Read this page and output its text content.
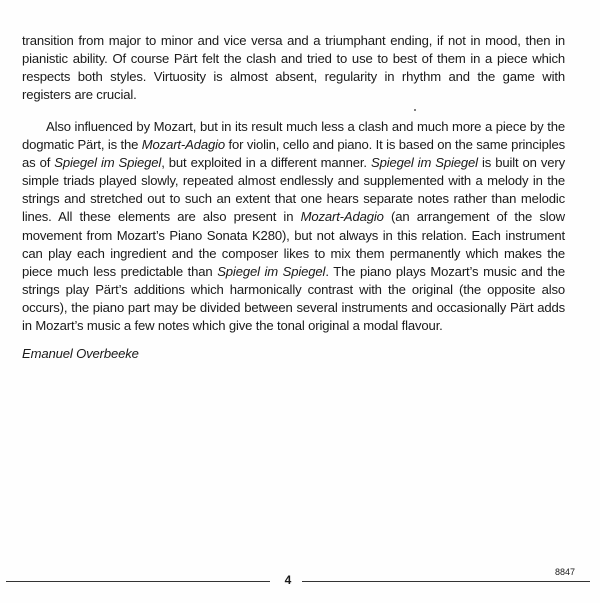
transition from major to minor and vice versa and a triumphant ending, if not in mood, then in pianistic ability. Of course Pärt felt the clash and tried to use to best of them in a piece which respects both styles. Virtuosity is almost absent, regularity in rhythm and the game with registers are crucial.

Also influenced by Mozart, but in its result much less a clash and much more a piece by the dogmatic Pärt, is the Mozart-Adagio for violin, cello and piano. It is based on the same principles as of Spiegel im Spiegel, but exploited in a different manner. Spiegel im Spiegel is built on very simple triads played slowly, repeated almost endlessly and supplemented with a melody in the strings and stretched out to such an extent that one hears separate notes rather than melodic lines. All these elements are also present in Mozart-Adagio (an arrangement of the slow movement from Mozart’s Piano Sonata K280), but not always in this relation. Each instrument can play each ingredient and the composer likes to mix them permanently which makes the piece much less predictable than Spiegel im Spiegel. The piano plays Mozart’s music and the strings play Pärt’s additions which harmonically contrast with the original (the opposite also occurs), the piano part may be divided between several instruments and occasionally Pärt adds in Mozart’s music a few notes which give the tonal original a modal flavour.

Emanuel Overbeeke
4
8847
